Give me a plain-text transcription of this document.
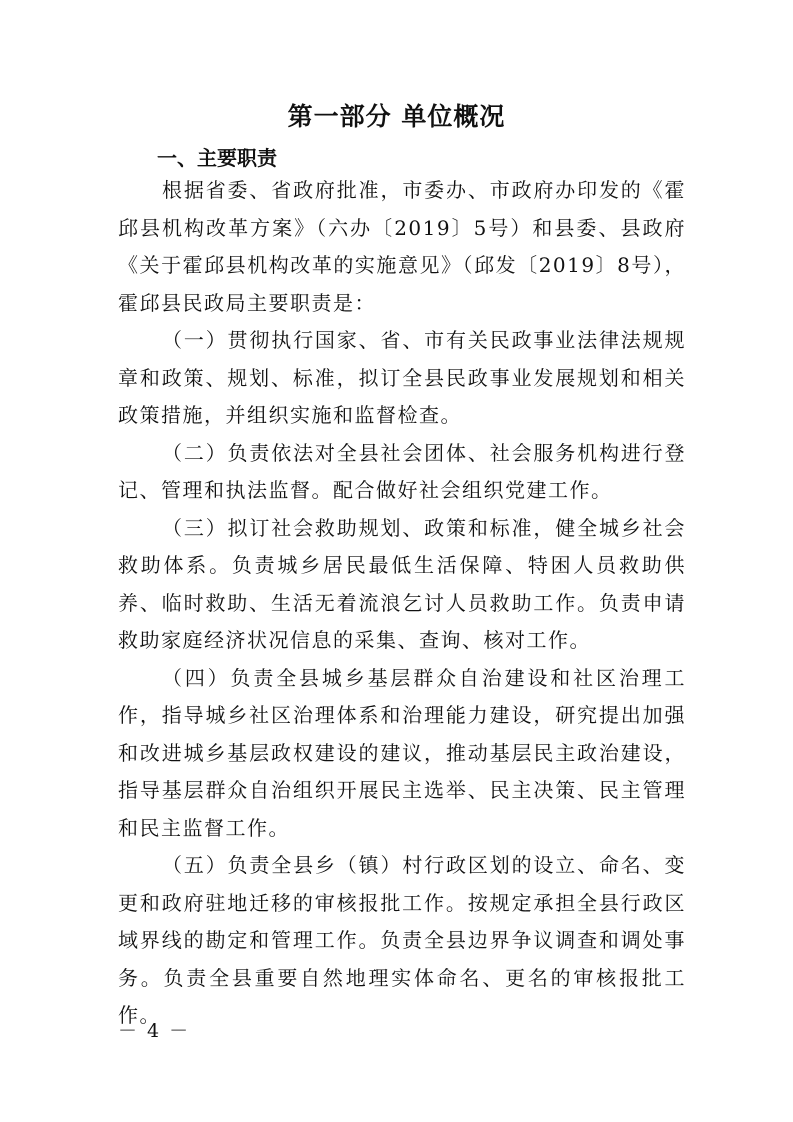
第一部分 单位概况
一、主要职责

根据省委、省政府批准，市委办、市政府办印发的《霍邱县机构改革方案》（六办〔2019〕5号）和县委、县政府《关于霍邱县机构改革的实施意见》（邱发〔2019〕8号），霍邱县民政局主要职责是：

（一）贯彻执行国家、省、市有关民政事业法律法规规章和政策、规划、标准，拟订全县民政事业发展规划和相关政策措施，并组织实施和监督检查。

（二）负责依法对全县社会团体、社会服务机构进行登记、管理和执法监督。配合做好社会组织党建工作。

（三）拟订社会救助规划、政策和标准，健全城乡社会救助体系。负责城乡居民最低生活保障、特困人员救助供养、临时救助、生活无着流浪乞讨人员救助工作。负责申请救助家庭经济状况信息的采集、查询、核对工作。

（四）负责全县城乡基层群众自治建设和社区治理工作，指导城乡社区治理体系和治理能力建设，研究提出加强和改进城乡基层政权建设的建议，推动基层民主政治建设，指导基层群众自治组织开展民主选举、民主决策、民主管理和民主监督工作。

（五）负责全县乡（镇）村行政区划的设立、命名、变更和政府驻地迁移的审核报批工作。按规定承担全县行政区域界线的勘定和管理工作。负责全县边界争议调查和调处事务。负责全县重要自然地理实体命名、更名的审核报批工作。

－ 4 －
